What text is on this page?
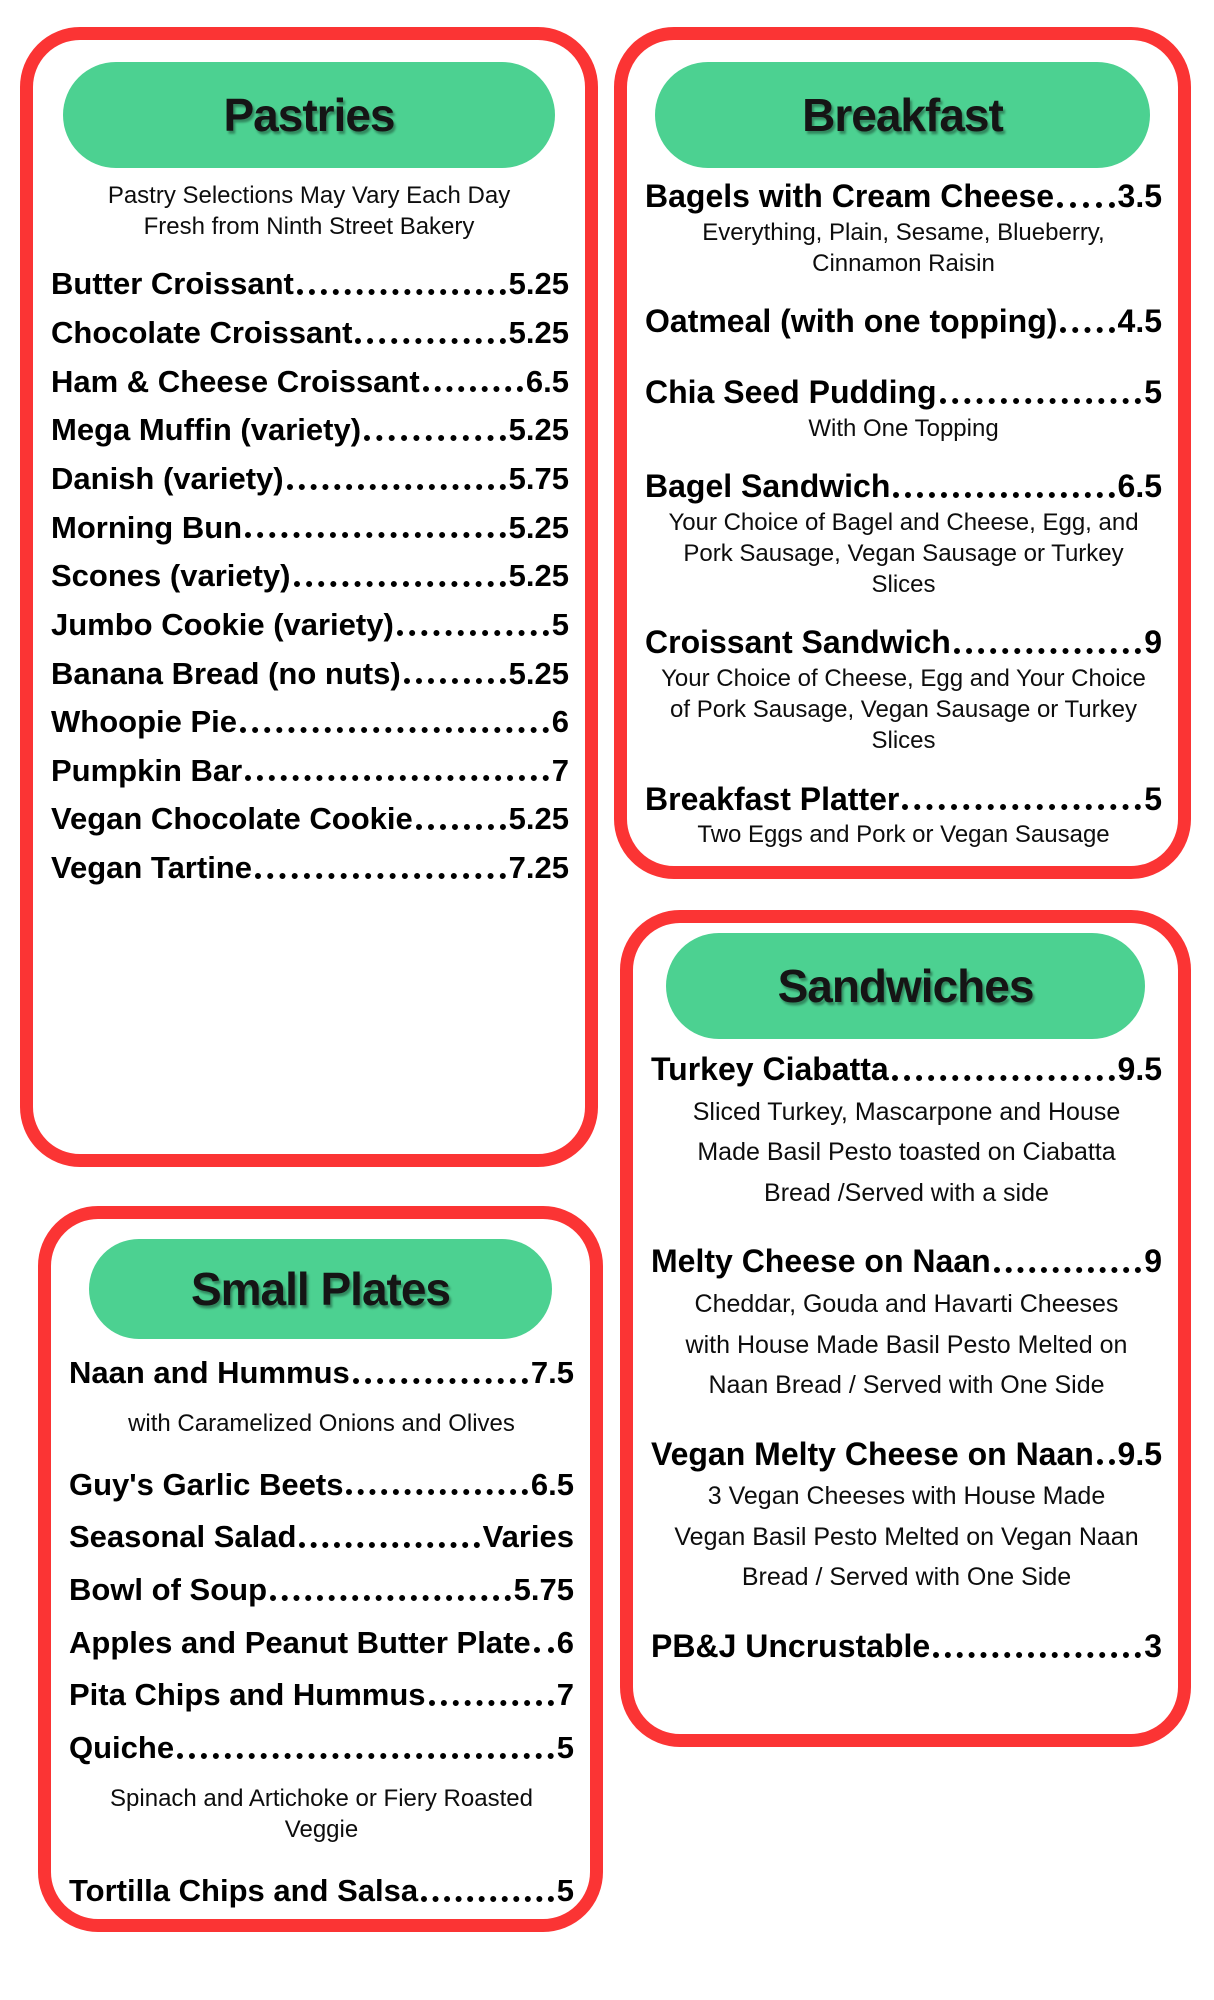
Pastries
Pastry Selections May Vary Each Day
Fresh from Ninth Street Bakery
Butter Croissant	5.25
Chocolate Croissant	5.25
Ham & Cheese Croissant	6.5
Mega Muffin (variety)	5.25
Danish (variety)	5.75
Morning Bun	5.25
Scones (variety)	5.25
Jumbo Cookie (variety)	5
Banana Bread (no nuts)	5.25
Whoopie Pie	6
Pumpkin Bar	7
Vegan Chocolate Cookie	5.25
Vegan Tartine	7.25
Breakfast
Bagels with Cream Cheese 3.5
Everything, Plain, Sesame, Blueberry, Cinnamon Raisin
Oatmeal (with one topping) 4.5
Chia Seed Pudding	5
With One Topping
Bagel Sandwich	6.5
Your Choice of Bagel and Cheese, Egg, and Pork Sausage, Vegan Sausage or Turkey Slices
Croissant Sandwich	9
Your Choice of Cheese, Egg and Your Choice of Pork Sausage, Vegan Sausage or Turkey Slices
Breakfast Platter	5
Two Eggs and Pork or Vegan Sausage
Small Plates
Naan and Hummus	7.5
with Caramelized Onions and Olives
Guy's Garlic Beets	6.5
Seasonal Salad	Varies
Bowl of Soup	5.75
Apples and Peanut Butter Plate 6
Pita Chips and Hummus	7
Quiche	5
Spinach and Artichoke or Fiery Roasted Veggie
Tortilla Chips and Salsa	5
Sandwiches
Turkey Ciabatta	9.5
Sliced Turkey, Mascarpone and House Made Basil Pesto toasted on Ciabatta Bread /Served with a side
Melty Cheese on Naan	9
Cheddar, Gouda and Havarti Cheeses with House Made Basil Pesto Melted on Naan Bread / Served with One Side
Vegan Melty Cheese on Naan 9.5
3 Vegan Cheeses with House Made Vegan Basil Pesto Melted on Vegan Naan Bread / Served with One Side
PB&J Uncrustable	3
